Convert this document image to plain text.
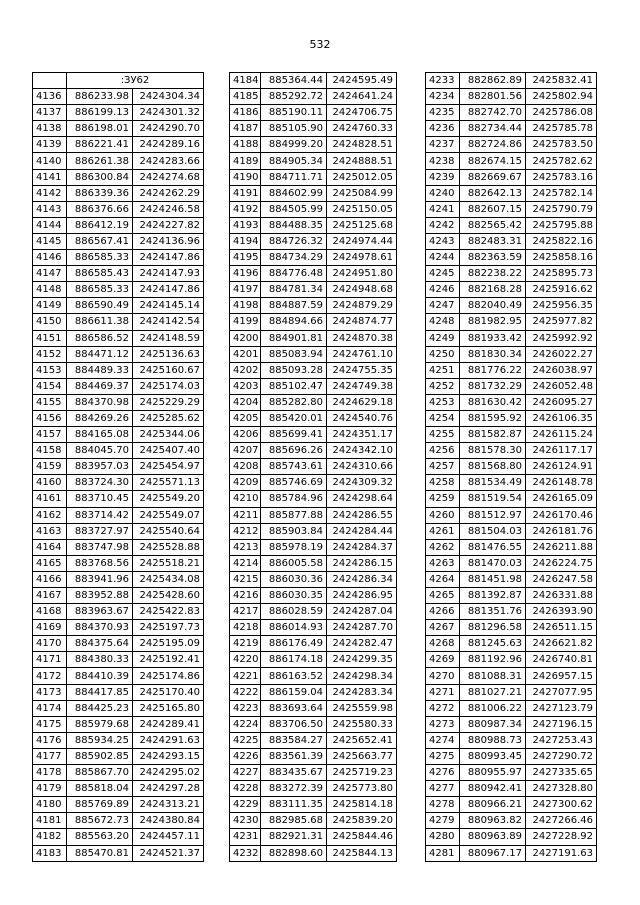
532
	:ЗУ62	
4136	886233.98	2424304.34
4137	886199.13	2424301.32
4138	886198.01	2424290.70
4139	886221.41	2424289.16
4140	886261.38	2424283.66
4141	886300.84	2424274.68
4142	886339.36	2424262.29
4143	886376.66	2424246.58
4144	886412.19	2424227.82
4145	886567.41	2424136.96
4146	886585.33	2424147.86
4147	886585.43	2424147.93
4148	886585.33	2424147.86
4149	886590.49	2424145.14
4150	886611.38	2424142.54
4151	886586.52	2424148.59
4152	884471.12	2425136.63
4153	884489.33	2425160.67
4154	884469.37	2425174.03
4155	884370.98	2425229.29
4156	884269.26	2425285.62
4157	884165.08	2425344.06
4158	884045.70	2425407.40
4159	883957.03	2425454.97
4160	883724.30	2425571.13
4161	883710.45	2425549.20
4162	883714.42	2425549.07
4163	883727.97	2425540.64
4164	883747.98	2425528.88
4165	883768.56	2425518.21
4166	883941.96	2425434.08
4167	883952.88	2425428.60
4168	883963.67	2425422.83
4169	884370.93	2425197.73
4170	884375.64	2425195.09
4171	884380.33	2425192.41
4172	884410.39	2425174.86
4173	884417.85	2425170.40
4174	884425.23	2425165.80
4175	885979.68	2424289.41
4176	885934.25	2424291.63
4177	885902.85	2424293.15
4178	885867.70	2424295.02
4179	885818.04	2424297.28
4180	885769.89	2424313.21
4181	885672.73	2424380.84
4182	885563.20	2424457.11
4183	885470.81	2424521.37
4184	885364.44	2424595.49
4185	885292.72	2424641.24
4186	885190.11	2424706.75
4187	885105.90	2424760.33
4188	884999.20	2424828.51
4189	884905.34	2424888.51
4190	884711.71	2425012.05
4191	884602.99	2425084.99
4192	884505.99	2425150.05
4193	884488.35	2425125.68
4194	884726.32	2424974.44
4195	884734.29	2424978.61
4196	884776.48	2424951.80
4197	884781.34	2424948.68
4198	884887.59	2424879.29
4199	884894.66	2424874.77
4200	884901.81	2424870.38
4201	885083.94	2424761.10
4202	885093.28	2424755.35
4203	885102.47	2424749.38
4204	885282.80	2424629.18
4205	885420.01	2424540.76
4206	885699.41	2424351.17
4207	885696.26	2424342.10
4208	885743.61	2424310.66
4209	885746.69	2424309.32
4210	885784.96	2424298.64
4211	885877.88	2424286.55
4212	885903.84	2424284.44
4213	885978.19	2424284.37
4214	886005.58	2424286.15
4215	886030.36	2424286.34
4216	886030.35	2424286.95
4217	886028.59	2424287.04
4218	886014.93	2424287.70
4219	886176.49	2424282.47
4220	886174.18	2424299.35
4221	886163.52	2424298.34
4222	886159.04	2424283.34
4223	883693.64	2425559.98
4224	883706.50	2425580.33
4225	883584.27	2425652.41
4226	883561.39	2425663.77
4227	883435.67	2425719.23
4228	883272.39	2425773.80
4229	883111.35	2425814.18
4230	882985.68	2425839.20
4231	882921.31	2425844.46
4232	882898.60	2425844.13
4233	882862.89	2425832.41
4234	882801.56	2425802.94
4235	882742.70	2425786.08
4236	882734.44	2425785.78
4237	882724.86	2425783.50
4238	882674.15	2425782.62
4239	882669.67	2425783.16
4240	882642.13	2425782.14
4241	882607.15	2425790.79
4242	882565.42	2425795.88
4243	882483.31	2425822.16
4244	882363.59	2425858.16
4245	882238.22	2425895.73
4246	882168.28	2425916.62
4247	882040.49	2425956.35
4248	881982.95	2425977.82
4249	881933.42	2425992.92
4250	881830.34	2426022.27
4251	881776.22	2426038.97
4252	881732.29	2426052.48
4253	881630.42	2426095.27
4254	881595.92	2426106.35
4255	881582.87	2426115.24
4256	881578.30	2426117.17
4257	881568.80	2426124.91
4258	881534.49	2426148.78
4259	881519.54	2426165.09
4260	881512.97	2426170.46
4261	881504.03	2426181.76
4262	881476.55	2426211.88
4263	881470.03	2426224.75
4264	881451.98	2426247.58
4265	881392.87	2426331.88
4266	881351.76	2426393.90
4267	881296.58	2426511.15
4268	881245.63	2426621.82
4269	881192.96	2426740.81
4270	881088.31	2426957.15
4271	881027.21	2427077.95
4272	881006.22	2427123.79
4273	880987.34	2427196.15
4274	880988.73	2427253.43
4275	880993.45	2427290.72
4276	880955.97	2427335.65
4277	880942.41	2427328.80
4278	880966.21	2427300.62
4279	880963.82	2427266.46
4280	880963.89	2427228.92
4281	880967.17	2427191.63
